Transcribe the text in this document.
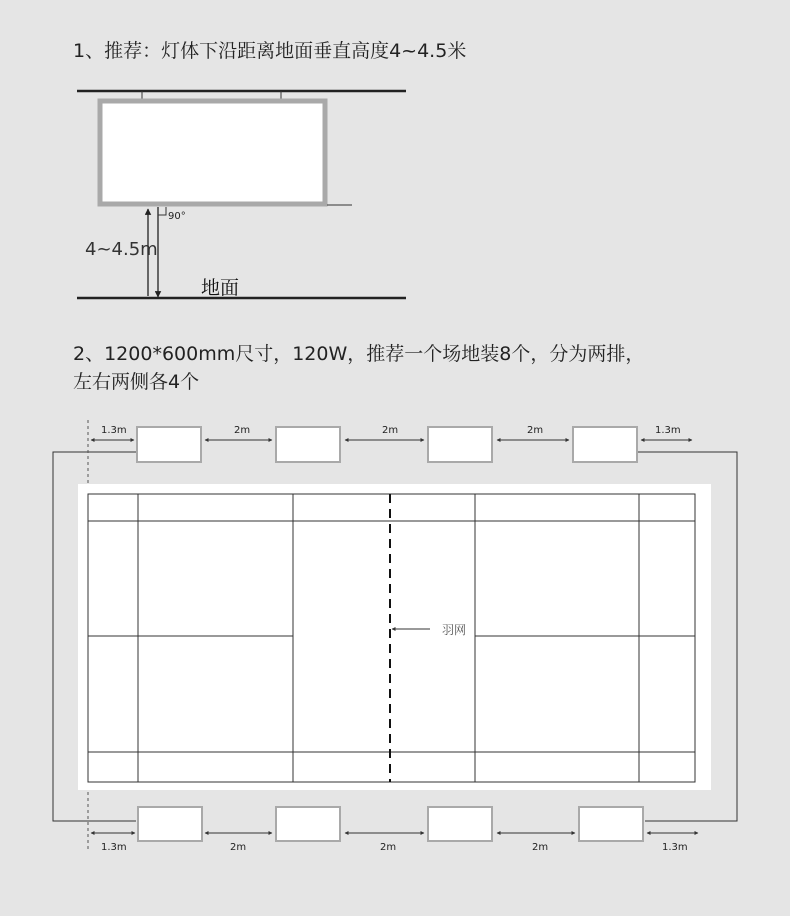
1、推荐：灯体下沿距离地面垂直高度4~4.5米
90°
4~4.5m
地面
羽网
1.3m	2m	2m	2m	1.3m
1.3m	2m	2m	2m	1.3m
2、1200*600mm尺寸，120W，推荐一个场地装8个，分为两排，
左右两侧各4个
